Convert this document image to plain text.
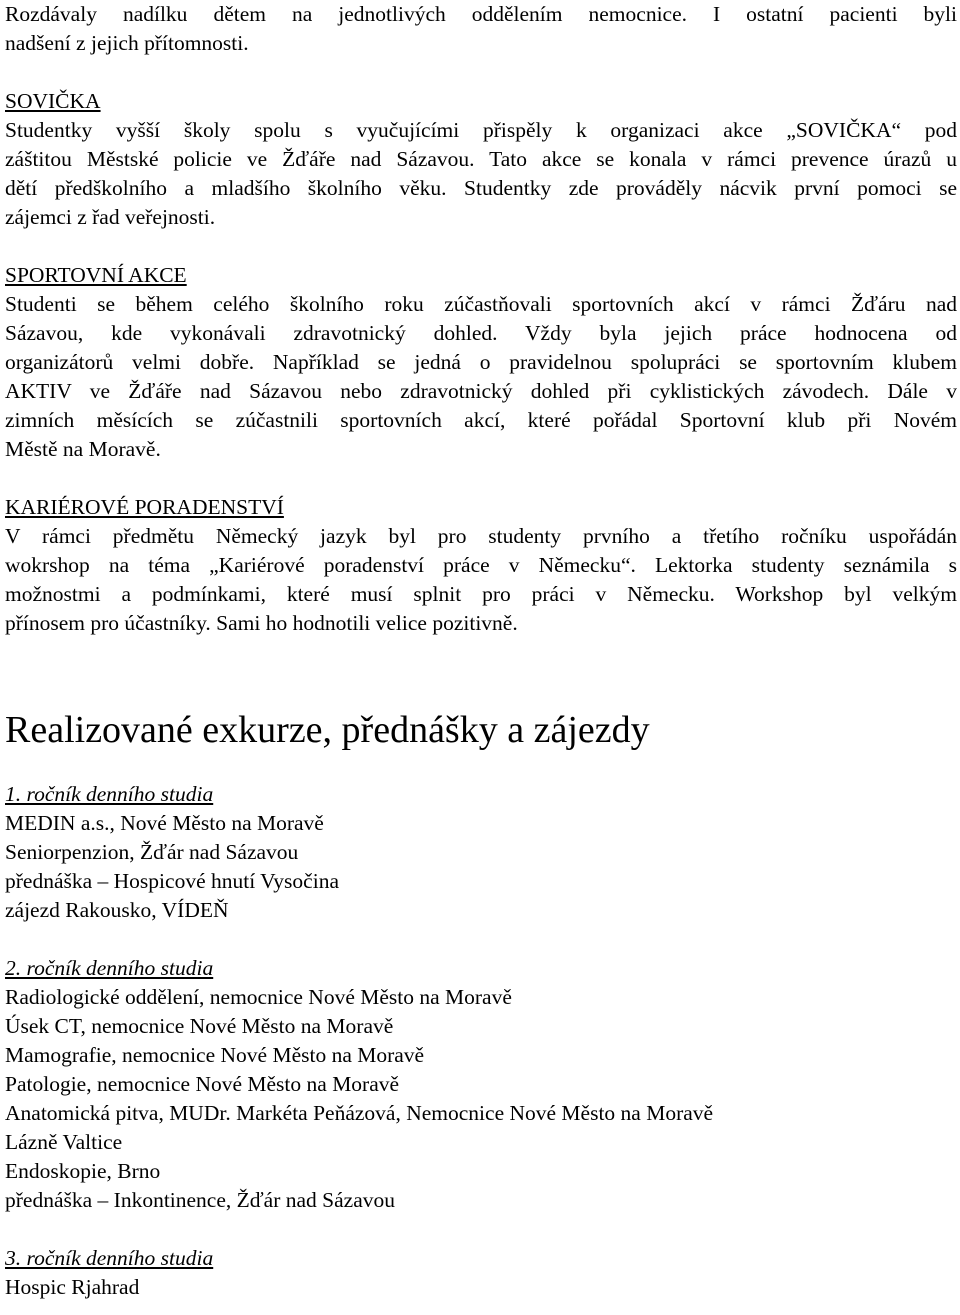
Rozdávaly nadílku dětem na jednotlivých oddělením nemocnice. I ostatní pacienti byli
nadšení z jejich přítomnosti.
SOVIČKA
Studentky vyšší školy spolu s vyučujícími přispěly k organizaci akce „SOVIČKA“ pod
záštitou Městské policie ve Žďáře nad Sázavou. Tato akce se konala v rámci prevence úrazů u
dětí předškolního a mladšího školního věku. Studentky zde prováděly nácvik první pomoci se
zájemci z řad veřejnosti.
SPORTOVNÍ AKCE
Studenti se během celého školního roku zúčastňovali sportovních akcí v rámci Žďáru nad
Sázavou, kde vykonávali zdravotnický dohled. Vždy byla jejich práce hodnocena od
organizátorů velmi dobře. Například se jedná o pravidelnou spolupráci se sportovním klubem
AKTIV ve Žďáře nad Sázavou nebo zdravotnický dohled při cyklistických závodech. Dále v
zimních měsících se zúčastnili sportovních akcí, které pořádal Sportovní klub při Novém
Městě na Moravě.
KARIÉROVÉ PORADENSTVÍ
V rámci předmětu Německý jazyk byl pro studenty prvního a třetího ročníku uspořádán
wokrshop na téma „Kariérové poradenství práce v Německu“. Lektorka studenty seznámila s
možnostmi a podmínkami, které musí splnit pro práci v Německu. Workshop byl velkým
přínosem pro účastníky. Sami ho hodnotili velice pozitivně.
Realizované exkurze, přednášky a zájezdy
1. ročník denního studia
MEDIN a.s., Nové Město na Moravě
Seniorpenzion, Žďár nad Sázavou
přednáška – Hospicové hnutí Vysočina
zájezd Rakousko, VÍDEŇ
2. ročník denního studia
Radiologické oddělení, nemocnice Nové Město na Moravě
Úsek CT, nemocnice Nové Město na Moravě
Mamografie, nemocnice Nové Město na Moravě
Patologie, nemocnice Nové Město na Moravě
Anatomická pitva, MUDr. Markéta Peňázová, Nemocnice Nové Město na Moravě
Lázně Valtice
Endoskopie, Brno
přednáška – Inkontinence, Žďár nad Sázavou
3. ročník denního studia
Hospic Rjahrad
